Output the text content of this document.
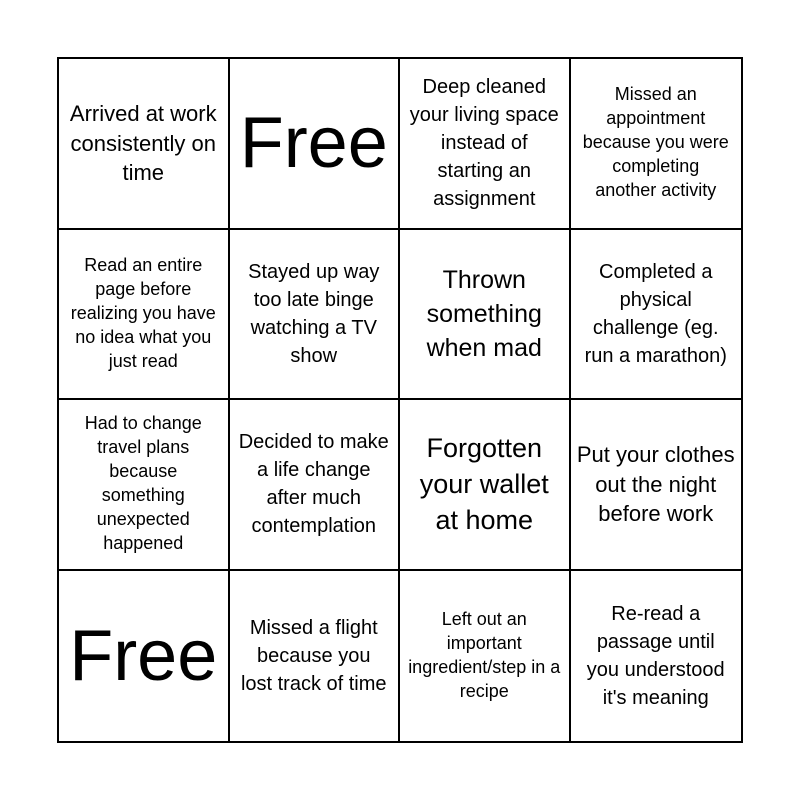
Arrived at work consistently on time	Free
Deep cleaned your living space instead of starting an assignment
Missed an appointment because you were completing another activity
Read an entire page before realizing you have no idea what you just read
Stayed up way too late binge watching a TV show
Thrown something when mad
Completed a physical challenge (eg. run a marathon)
Had to change travel plans because something unexpected happened
Decided to make a life change after much contemplation
Forgotten your wallet at home
Put your clothes out the night before work
Free	Missed a flight because you lost track of time
Left out an important ingredient/step in a recipe
Re-read a passage until you understood it's meaning
